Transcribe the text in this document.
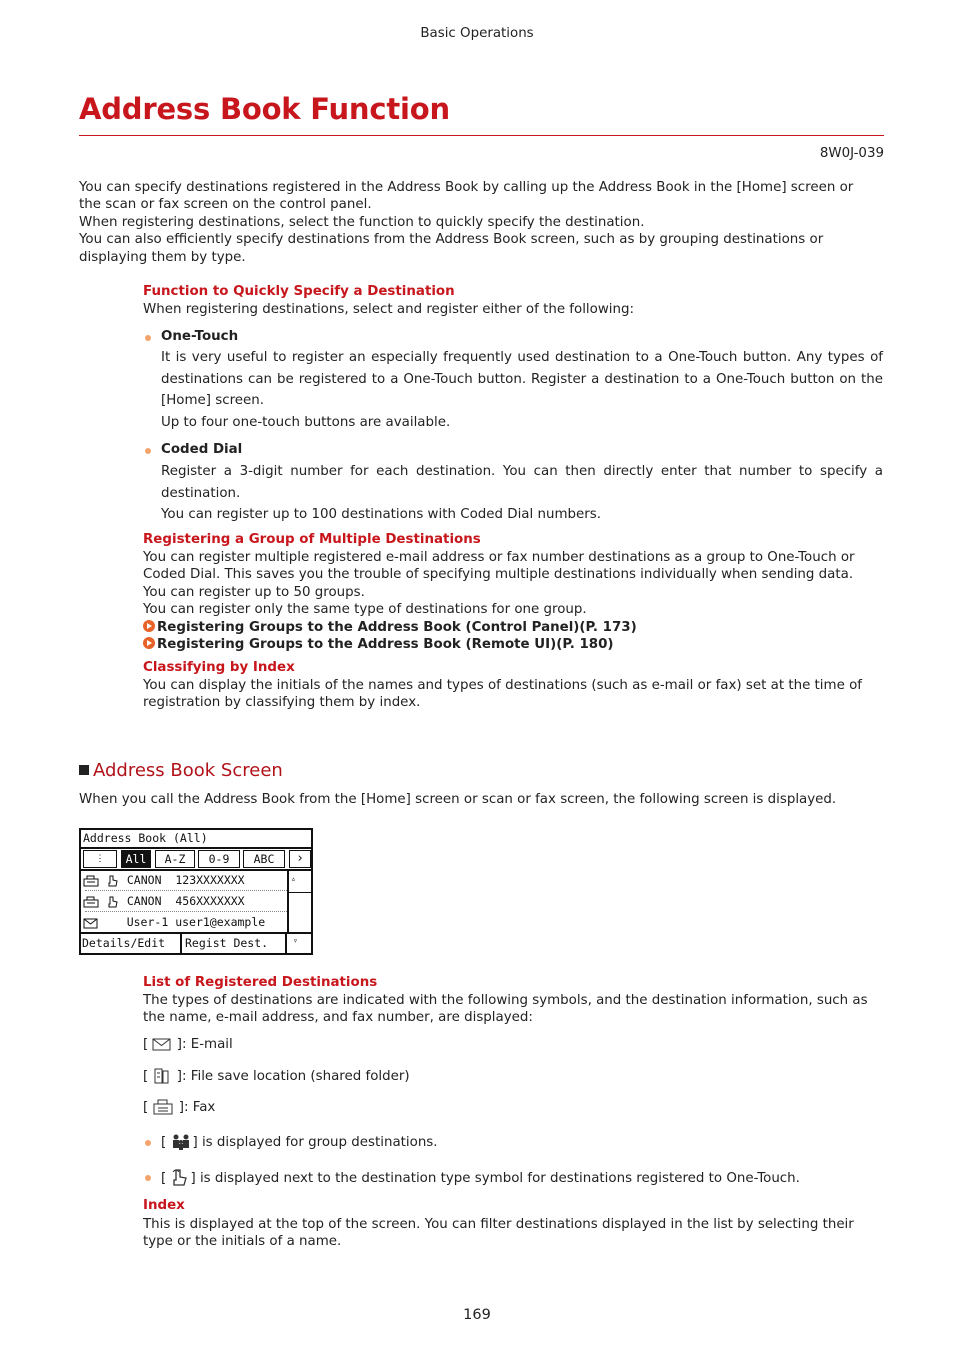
Basic Operations
Address Book Function
8W0J-039

You can specify destinations registered in the Address Book by calling up the Address Book in the [Home] screen or

the scan or fax screen on the control panel.

When registering destinations, select the function to quickly specify the destination.

You can also efficiently specify destinations from the Address Book screen, such as by grouping destinations or

displaying them by type.

Function to Quickly Specify a Destination
When registering destinations, select and register either of the following:
One-Touch
It is very useful to register an especially frequently used destination to a One-Touch button. Any types of destinations can be registered to a One-Touch button. Register a destination to a One-Touch button on the [Home] screen.
Up to four one-touch buttons are available.
Coded Dial
Register a 3-digit number for each destination. You can then directly enter that number to specify a destination.
You can register up to 100 destinations with Coded Dial numbers.
Registering a Group of Multiple Destinations

You can register multiple registered e-mail address or fax number destinations as a group to One-Touch or

Coded Dial. This saves you the trouble of specifying multiple destinations individually when sending data.

You can register up to 50 groups.

You can register only the same type of destinations for one group.

Registering Groups to the Address Book (Control Panel)(P. 173)

Registering Groups to the Address Book (Remote UI)(P. 180)

Classifying by Index

You can display the initials of the names and types of destinations (such as e-mail or fax) set at the time of

registration by classifying them by index.

Address Book Screen
When you call the Address Book from the [Home] screen or scan or fax screen, the following screen is displayed.
Address Book (All)
⋮	All	A-Z	0-9	ABC	›
CANON 123XXXXXXX
CANON 456XXXXXXX
User-1 user1@example
▵
Details/Edit	Regist Dest.	▿
List of Registered Destinations

The types of destinations are indicated with the following symbols, and the destination information, such as

the name, e-mail address, and fax number, are displayed:

[  ]: E-mail
[  ]: File save location (shared folder)
[  ]: Fax
[ ] is displayed for group destinations.
[ ] is displayed next to the destination type symbol for destinations registered to One-Touch.
Index

This is displayed at the top of the screen. You can filter destinations displayed in the list by selecting their

type or the initials of a name.

169
